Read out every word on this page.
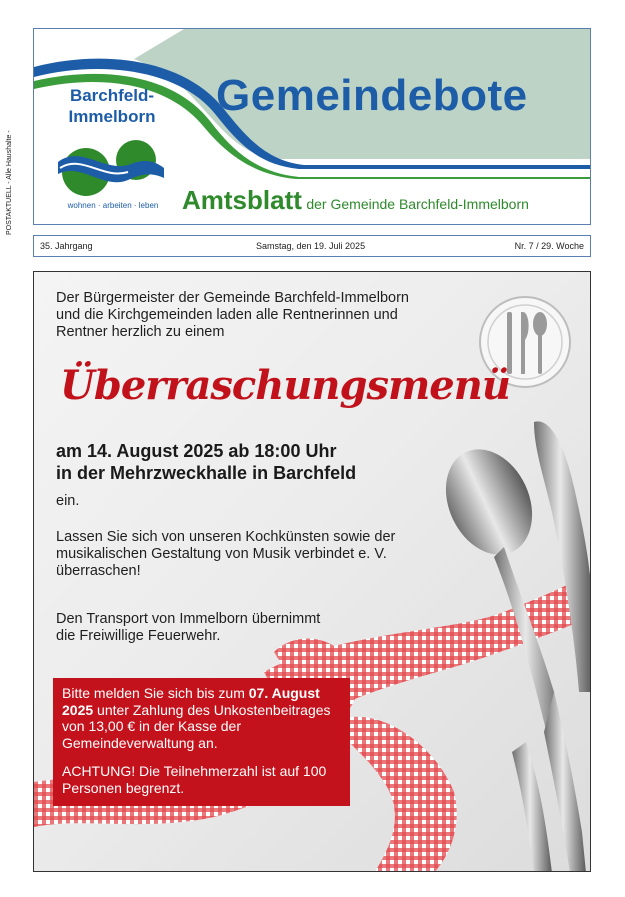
POSTAKTUELL - Alle Haushalte -
Barchfeld-
Immelborn
wohnen · arbeiten · leben
Gemeindebote
Amtsblatt der Gemeinde Barchfeld-Immelborn
35. Jahrgang	Samstag, den 19. Juli 2025	Nr. 7 / 29. Woche
Der Bürgermeister der Gemeinde Barchfeld-Immelborn
und die Kirchgemeinden laden alle Rentnerinnen und
Rentner herzlich zu einem
Überraschungsmenü
am 14. August 2025 ab 18:00 Uhr
in der Mehrzweckhalle in Barchfeld
ein.
Lassen Sie sich von unseren Kochkünsten sowie der
musikalischen Gestaltung von Musik verbindet e. V.
überraschen!
Den Transport von Immelborn übernimmt
die Freiwillige Feuerwehr.
Bitte melden Sie sich bis zum 07. August 2025 unter Zahlung des Unkostenbeitrages von 13,00 € in der Kasse der Gemeindeverwaltung an.
ACHTUNG! Die Teilnehmerzahl ist auf 100 Personen begrenzt.
